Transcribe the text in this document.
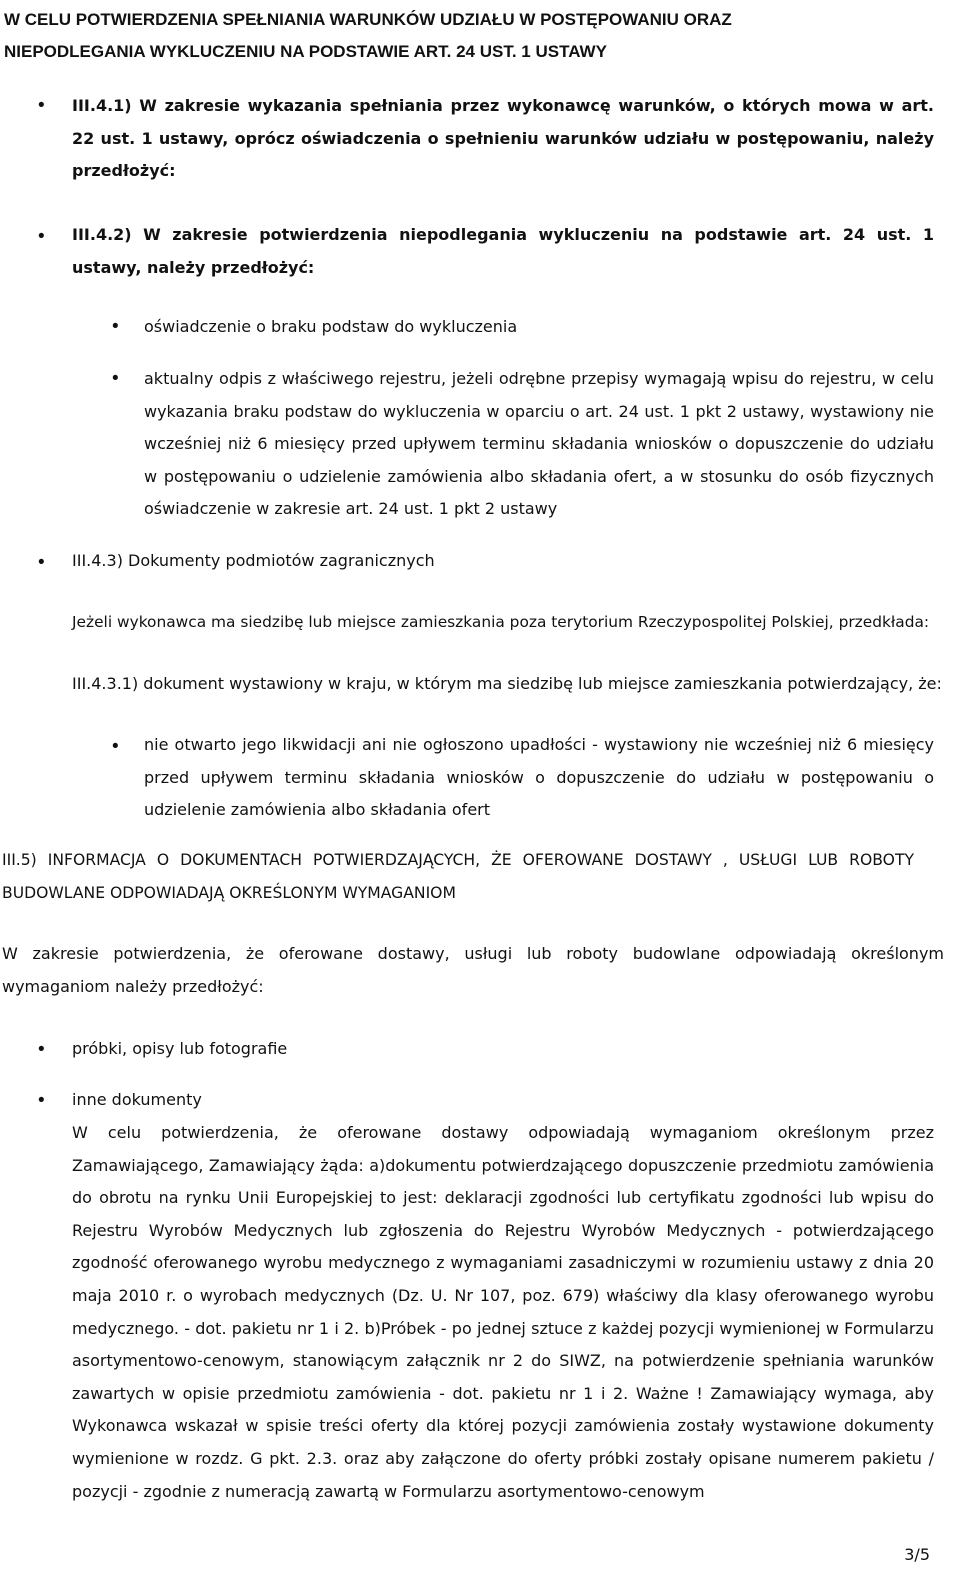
W CELU POTWIERDZENIA SPEŁNIANIA WARUNKÓW UDZIAŁU W POSTĘPOWANIU ORAZ
NIEPODLEGANIA WYKLUCZENIU NA PODSTAWIE ART. 24 UST. 1 USTAWY
• III.4.1) W zakresie wykazania spełniania przez wykonawcę warunków, o których mowa w art. 22 ust. 1 ustawy, oprócz oświadczenia o spełnieniu warunków udziału w postępowaniu, należy przedłożyć:
• III.4.2) W zakresie potwierdzenia niepodlegania wykluczeniu na podstawie art. 24 ust. 1 ustawy, należy przedłożyć:
• oświadczenie o braku podstaw do wykluczenia
• aktualny odpis z właściwego rejestru, jeżeli odrębne przepisy wymagają wpisu do rejestru, w celu wykazania braku podstaw do wykluczenia w oparciu o art. 24 ust. 1 pkt 2 ustawy, wystawiony nie wcześniej niż 6 miesięcy przed upływem terminu składania wniosków o dopuszczenie do udziału w postępowaniu o udzielenie zamówienia albo składania ofert, a w stosunku do osób fizycznych oświadczenie w zakresie art. 24 ust. 1 pkt 2 ustawy
• III.4.3) Dokumenty podmiotów zagranicznych
Jeżeli wykonawca ma siedzibę lub miejsce zamieszkania poza terytorium Rzeczypospolitej Polskiej, przedkłada:
III.4.3.1) dokument wystawiony w kraju, w którym ma siedzibę lub miejsce zamieszkania potwierdzający, że:
• nie otwarto jego likwidacji ani nie ogłoszono upadłości - wystawiony nie wcześniej niż 6 miesięcy przed upływem terminu składania wniosków o dopuszczenie do udziału w postępowaniu o udzielenie zamówienia albo składania ofert
III.5) INFORMACJA O DOKUMENTACH POTWIERDZAJĄCYCH, ŻE OFEROWANE DOSTAWY , USŁUGI LUB ROBOTY BUDOWLANE ODPOWIADAJĄ OKREŚLONYM WYMAGANIOM
W zakresie potwierdzenia, że oferowane dostawy, usługi lub roboty budowlane odpowiadają określonym wymaganiom należy przedłożyć:
• próbki, opisy lub fotografie
• inne dokumenty
W celu potwierdzenia, że oferowane dostawy odpowiadają wymaganiom określonym przez Zamawiającego, Zamawiający żąda: a)dokumentu potwierdzającego dopuszczenie przedmiotu zamówienia do obrotu na rynku Unii Europejskiej to jest: deklaracji zgodności lub certyfikatu zgodności lub wpisu do Rejestru Wyrobów Medycznych lub zgłoszenia do Rejestru Wyrobów Medycznych - potwierdzającego zgodność oferowanego wyrobu medycznego z wymaganiami zasadniczymi w rozumieniu ustawy z dnia 20 maja 2010 r. o wyrobach medycznych (Dz. U. Nr 107, poz. 679) właściwy dla klasy oferowanego wyrobu medycznego. - dot. pakietu nr 1 i 2. b)Próbek - po jednej sztuce z każdej pozycji wymienionej w Formularzu asortymentowo-cenowym, stanowiącym załącznik nr 2 do SIWZ, na potwierdzenie spełniania warunków zawartych w opisie przedmiotu zamówienia - dot. pakietu nr 1 i 2. Ważne ! Zamawiający wymaga, aby Wykonawca wskazał w spisie treści oferty dla której pozycji zamówienia zostały wystawione dokumenty wymienione w rozdz. G pkt. 2.3. oraz aby załączone do oferty próbki zostały opisane numerem pakietu / pozycji - zgodnie z numeracją zawartą w Formularzu asortymentowo-cenowym
3/5
